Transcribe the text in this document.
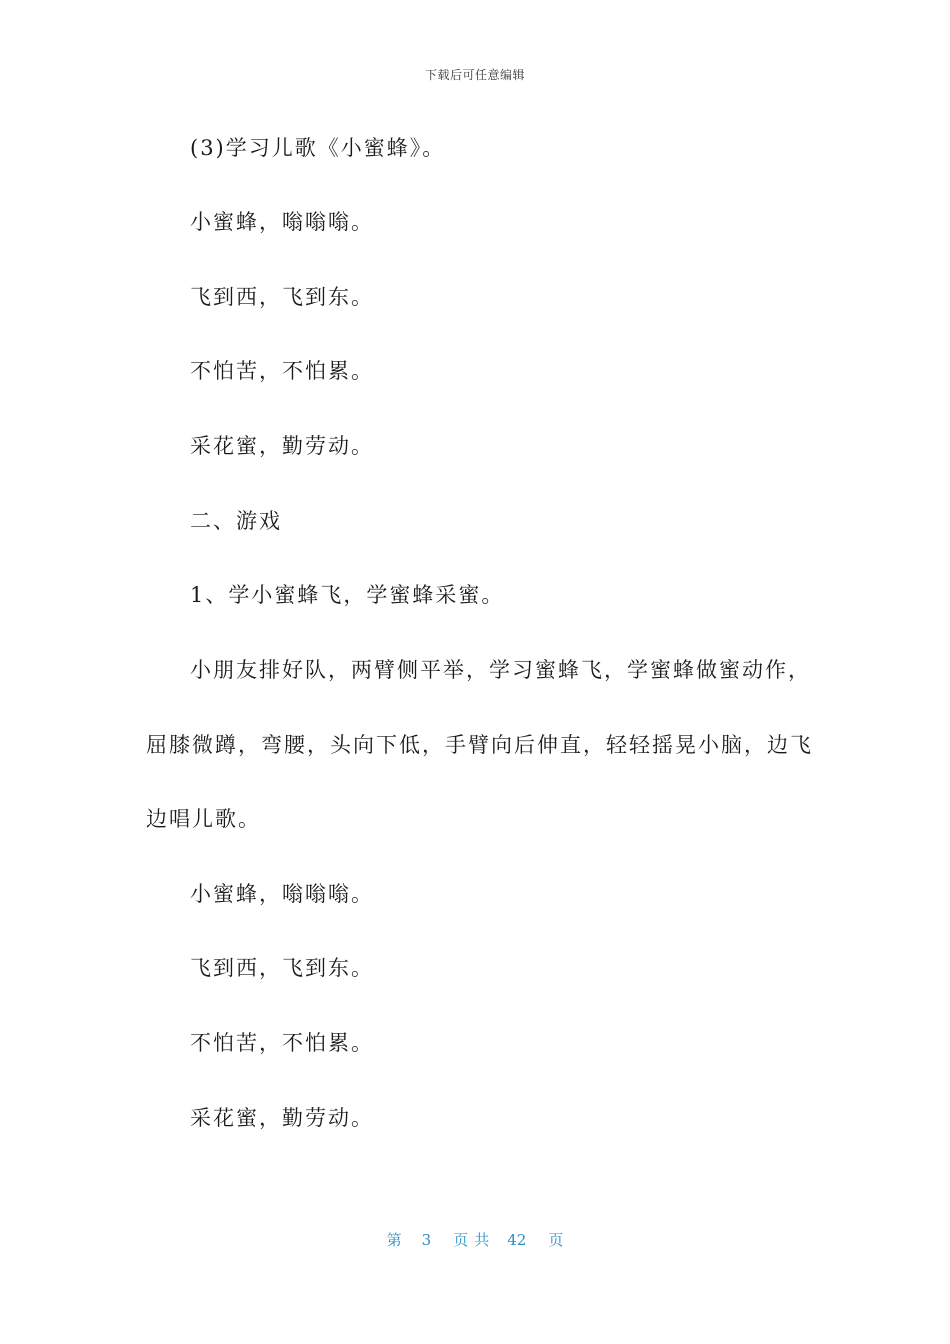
下载后可任意编辑
(3)学习儿歌《小蜜蜂》。
小蜜蜂，嗡嗡嗡。
飞到西，飞到东。
不怕苦，不怕累。
采花蜜，勤劳动。
二、游戏
1、学小蜜蜂飞，学蜜蜂采蜜。
小朋友排好队，两臂侧平举，学习蜜蜂飞，学蜜蜂做蜜动作，
屈膝微蹲，弯腰，头向下低，手臂向后伸直，轻轻摇晃小脑，边飞
边唱儿歌。
小蜜蜂，嗡嗡嗡。
飞到西，飞到东。
不怕苦，不怕累。
采花蜜，勤劳动。
第 3 页 共 42 页
